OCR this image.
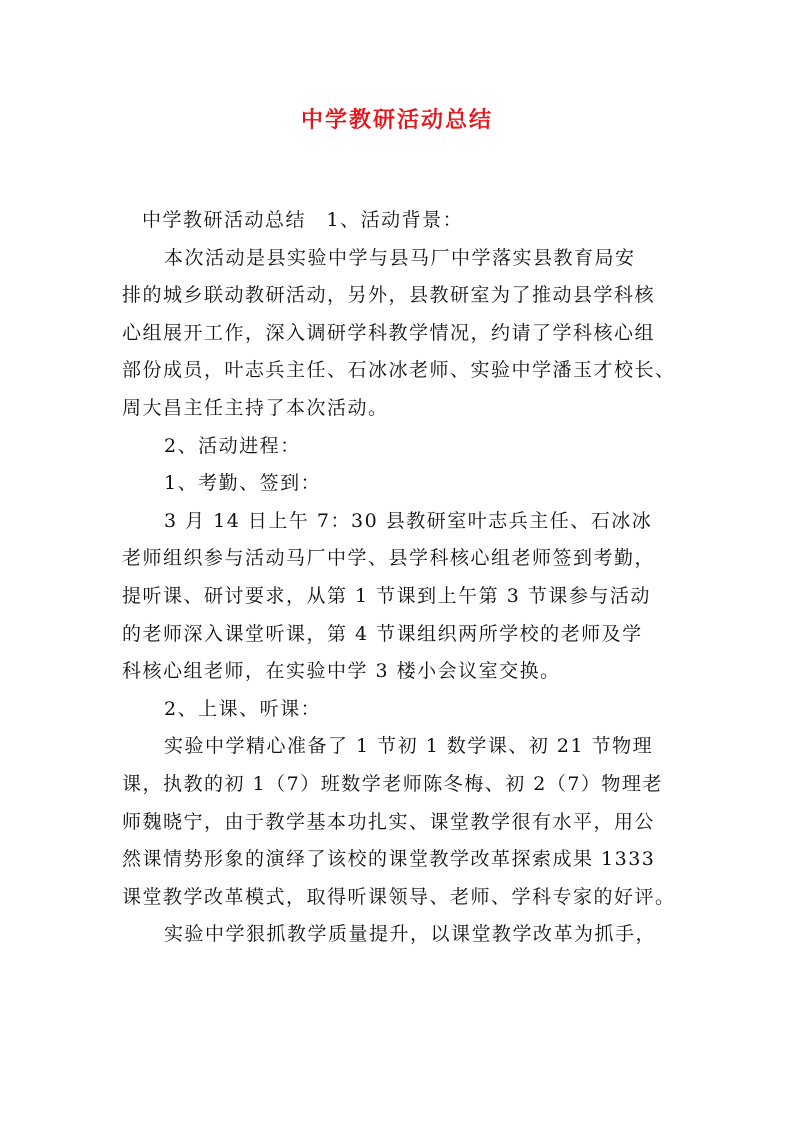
中学教研活动总结
中学教研活动总结　1、活动背景：
本次活动是县实验中学与县马厂中学落实县教育局安
排的城乡联动教研活动，另外，县教研室为了推动县学科核
心组展开工作，深入调研学科教学情况，约请了学科核心组
部份成员，叶志兵主任、石冰冰老师、实验中学潘玉才校长、
周大昌主任主持了本次活动。
2、活动进程：
1、考勤、签到：
3 月 14 日上午 7：30 县教研室叶志兵主任、石冰冰
老师组织参与活动马厂中学、县学科核心组老师签到考勤，
提听课、研讨要求，从第 1 节课到上午第 3 节课参与活动
的老师深入课堂听课，第 4 节课组织两所学校的老师及学
科核心组老师，在实验中学 3 楼小会议室交换。
2、上课、听课：
实验中学精心准备了 1 节初 1 数学课、初 21 节物理
课，执教的初 1（7）班数学老师陈冬梅、初 2（7）物理老
师魏晓宁，由于教学基本功扎实、课堂教学很有水平，用公
然课情势形象的演绎了该校的课堂教学改革探索成果 1333
课堂教学改革模式，取得听课领导、老师、学科专家的好评。
实验中学狠抓教学质量提升，以课堂教学改革为抓手，
